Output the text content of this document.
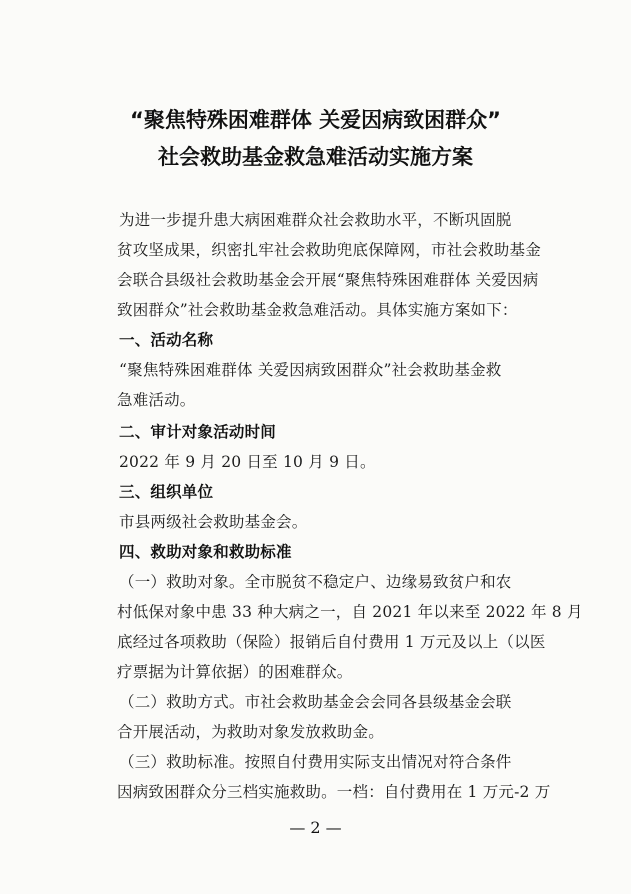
“聚焦特殊困难群体 关爱因病致困群众”
社会救助基金救急难活动实施方案
为进一步提升患大病困难群众社会救助水平，不断巩固脱
贫攻坚成果，织密扎牢社会救助兜底保障网，市社会救助基金
会联合县级社会救助基金会开展“聚焦特殊困难群体 关爱因病
致困群众”社会救助基金救急难活动。具体实施方案如下：
一、活动名称
“聚焦特殊困难群体 关爱因病致困群众”社会救助基金救
急难活动。
二、审计对象活动时间
2022 年 9 月 20 日至 10 月 9 日。
三、组织单位
市县两级社会救助基金会。
四、救助对象和救助标准
（一）救助对象。全市脱贫不稳定户、边缘易致贫户和农
村低保对象中患 33 种大病之一，自 2021 年以来至 2022 年 8 月
底经过各项救助（保险）报销后自付费用 1 万元及以上（以医
疗票据为计算依据）的困难群众。
（二）救助方式。市社会救助基金会会同各县级基金会联
合开展活动，为救助对象发放救助金。
（三）救助标准。按照自付费用实际支出情况对符合条件
因病致困群众分三档实施救助。一档：自付费用在 1 万元-2 万
— 2 —
